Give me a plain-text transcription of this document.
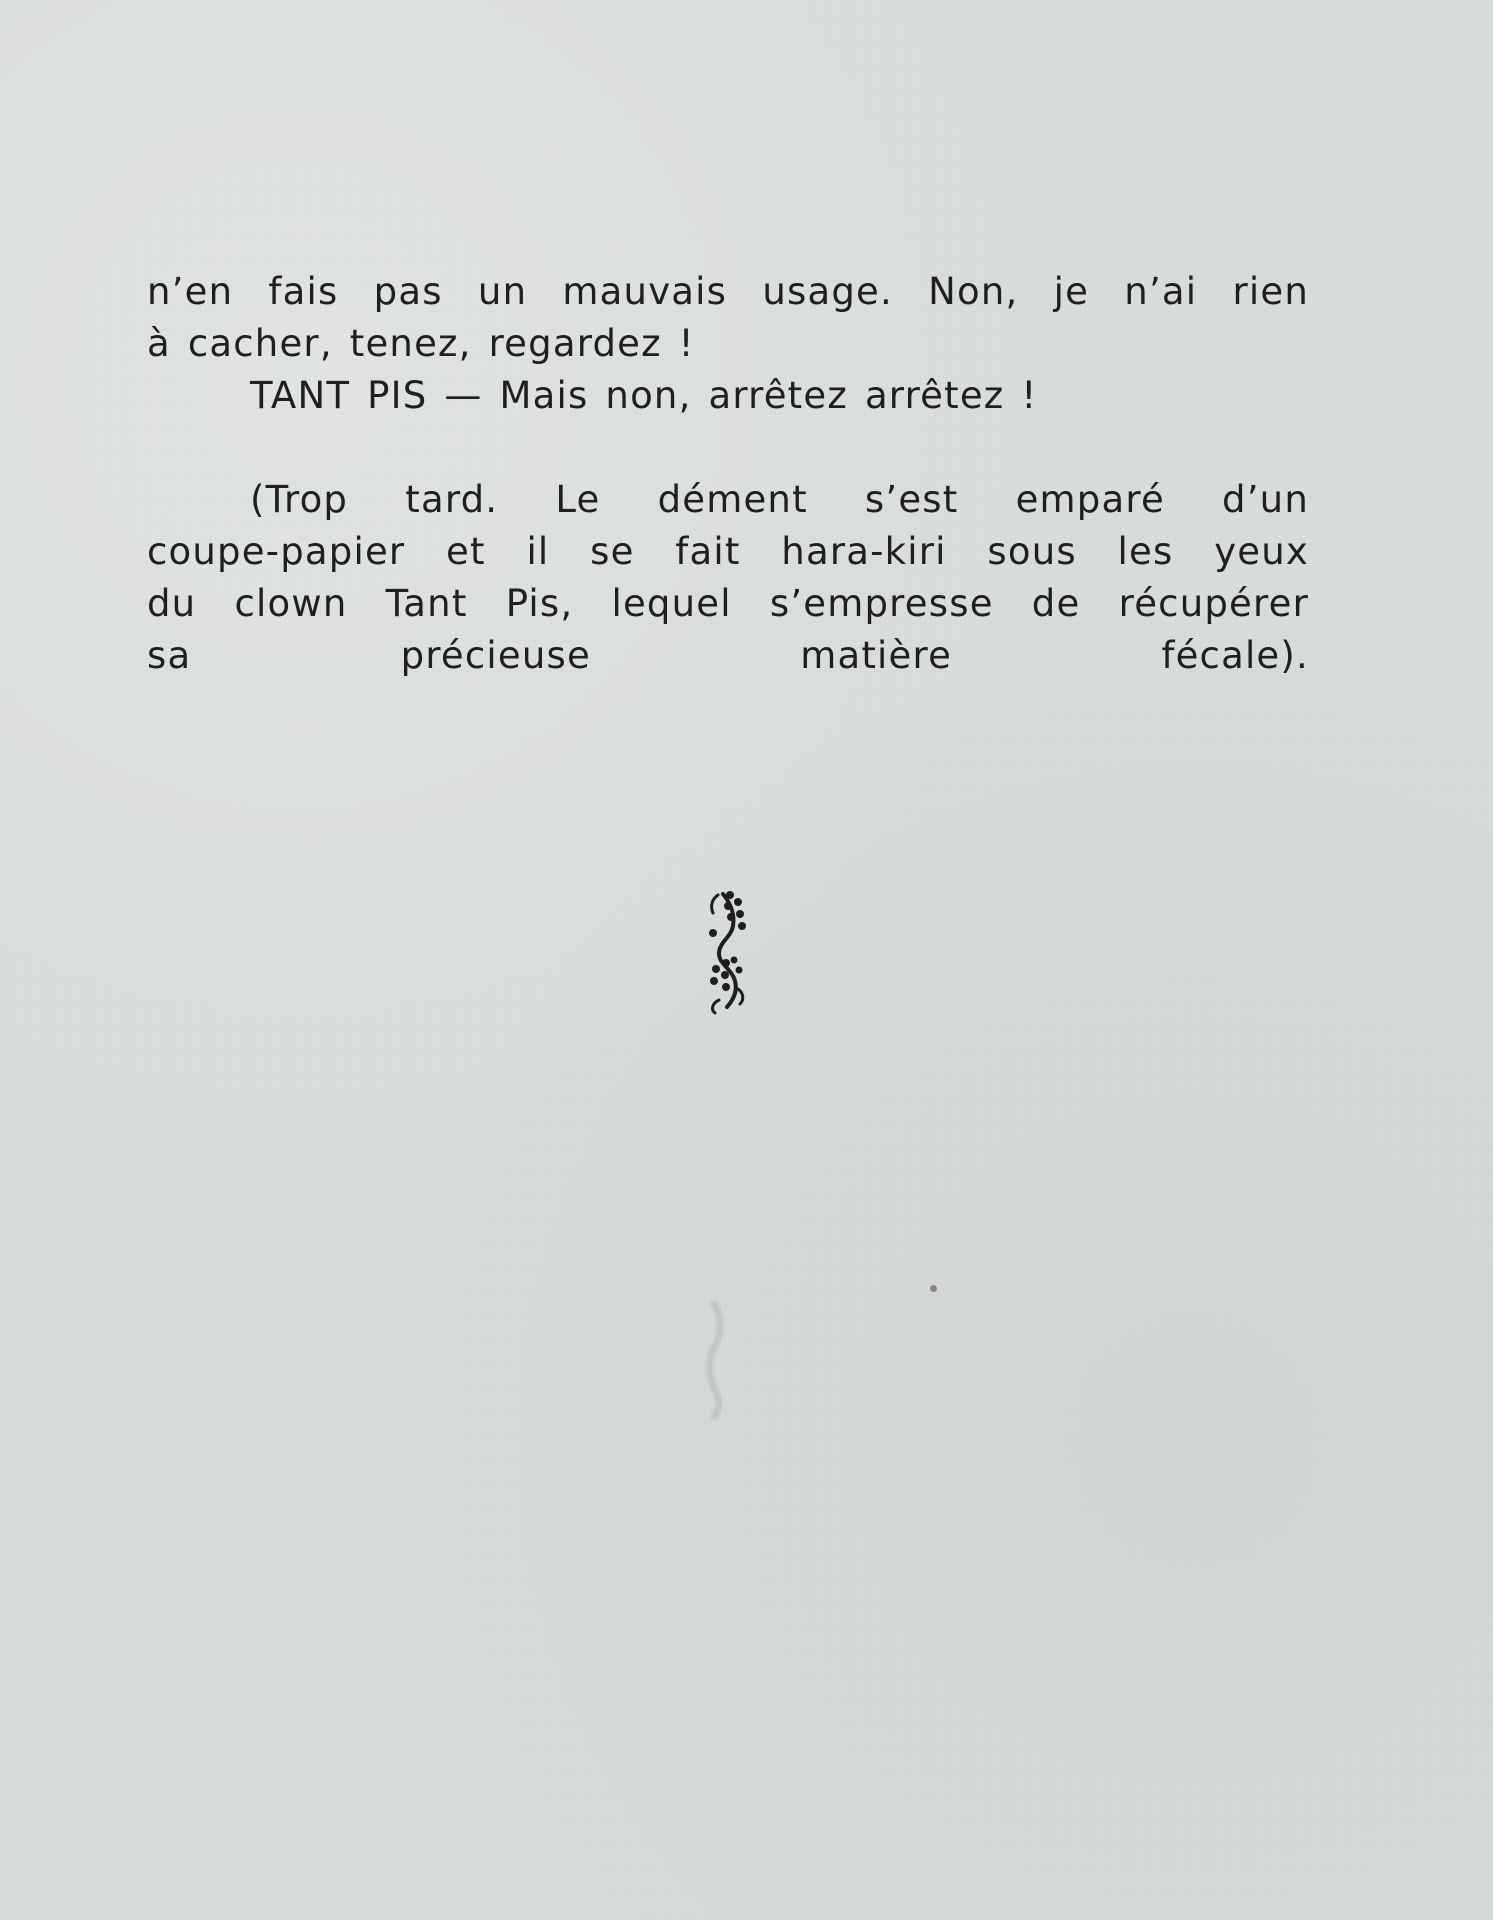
n’en fais pas un mauvais usage. Non, je n’ai rien

à cacher, tenez, regardez !

TANT PIS — Mais non, arrêtez arrêtez !

(Trop tard. Le dément s’est emparé d’un

coupe-papier et il se fait hara-kiri sous les yeux

du clown Tant Pis, lequel s’empresse de récupérer

sa précieuse matière fécale).
